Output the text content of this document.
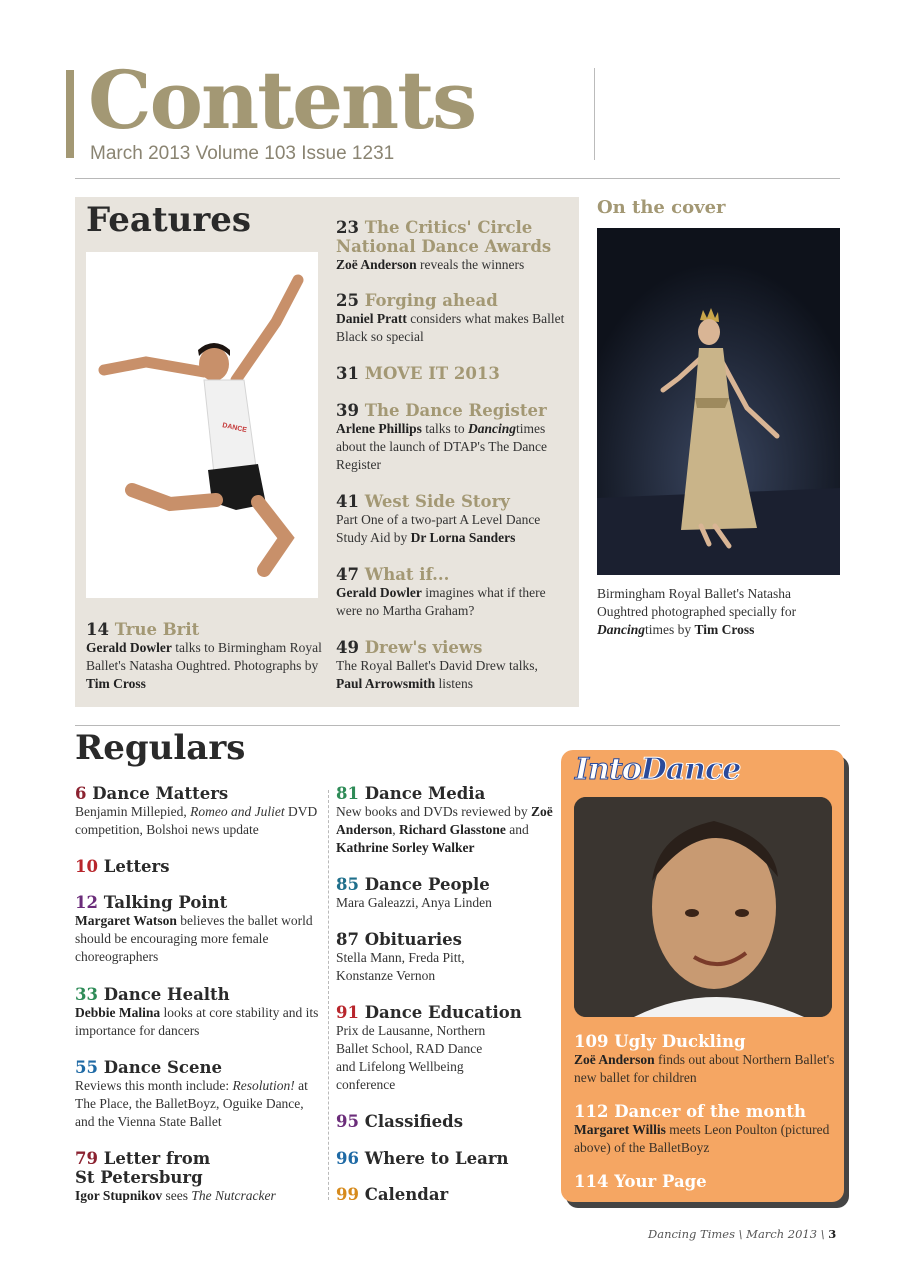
Contents
March 2013 Volume 103 Issue 1231
Features
DANCE
14 True Brit
Gerald Dowler talks to Birmingham Royal Ballet's Natasha Oughtred. Photographs by Tim Cross
23 The Critics' Circle National Dance Awards
Zoë Anderson reveals the winners
25 Forging ahead
Daniel Pratt considers what makes Ballet Black so special
31 MOVE IT 2013
39 The Dance Register
Arlene Phillips talks to Dancingtimes about the launch of DTAP's The Dance Register
41 West Side Story
Part One of a two-part A Level Dance Study Aid by Dr Lorna Sanders
47 What if...
Gerald Dowler imagines what if there were no Martha Graham?
49 Drew's views
The Royal Ballet's David Drew talks, Paul Arrowsmith listens
On the cover
Birmingham Royal Ballet's Natasha Oughtred photographed specially for Dancingtimes by Tim Cross
Regulars
6 Dance Matters
Benjamin Millepied, Romeo and Juliet DVD competition, Bolshoi news update
10 Letters
12 Talking Point
Margaret Watson believes the ballet world should be encouraging more female choreographers
33 Dance Health
Debbie Malina looks at core stability and its importance for dancers
55 Dance Scene
Reviews this month include: Resolution! at The Place, the BalletBoyz, Oguike Dance, and the Vienna State Ballet
79 Letter from St Petersburg
Igor Stupnikov sees The Nutcracker
81 Dance Media
New books and DVDs reviewed by Zoë Anderson, Richard Glasstone and Kathrine Sorley Walker
85 Dance People
Mara Galeazzi, Anya Linden
87 Obituaries
Stella Mann, Freda Pitt, Konstanze Vernon
91 Dance Education
Prix de Lausanne, Northern Ballet School, RAD Dance and Lifelong Wellbeing conference
95 Classifieds
96 Where to Learn
99 Calendar
IntoDance
109 Ugly Duckling
Zoë Anderson finds out about Northern Ballet's new ballet for children
112 Dancer of the month
Margaret Willis meets Leon Poulton (pictured above) of the BalletBoyz
114 Your Page
Dancing Times \ March 2013 \ 3
